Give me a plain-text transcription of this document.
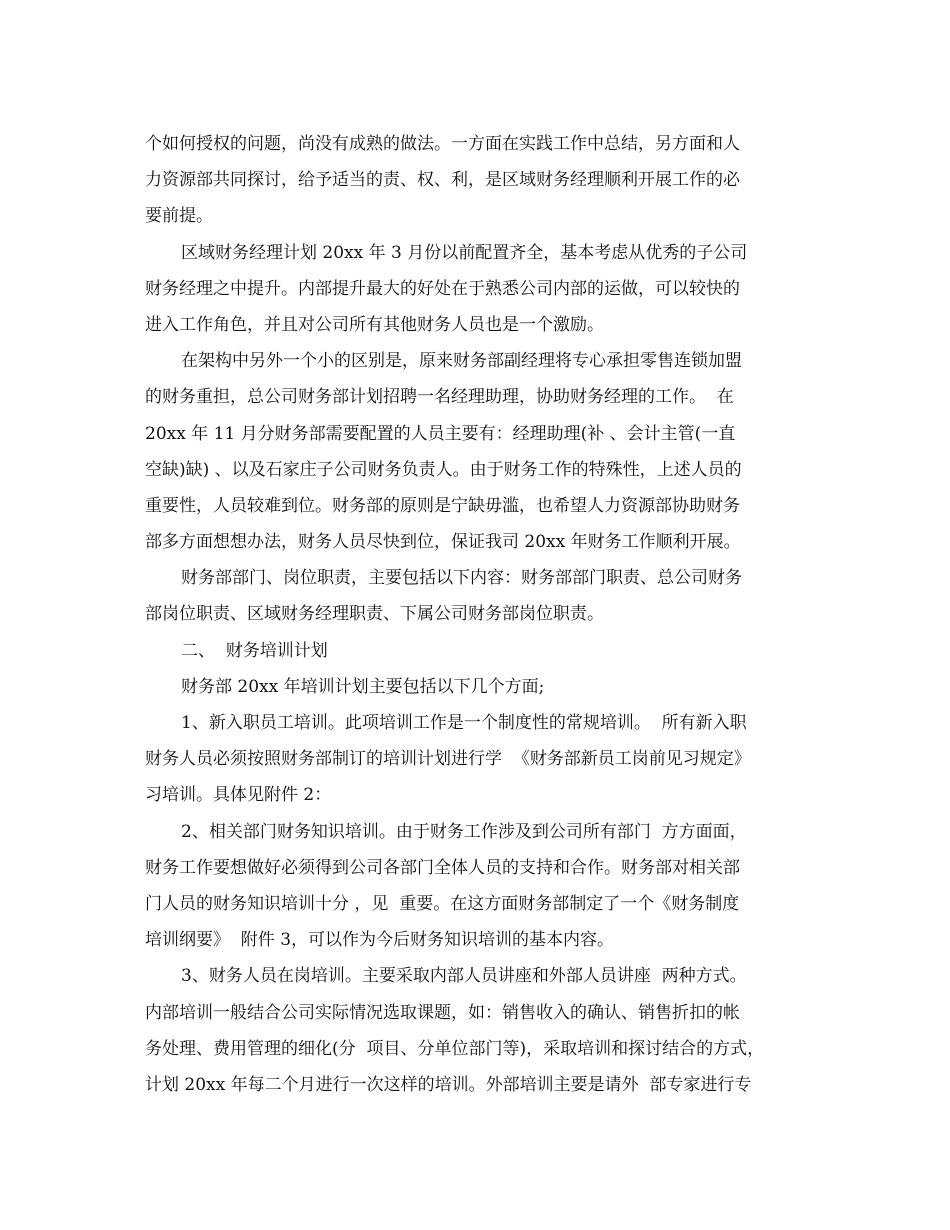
个如何授权的问题，尚没有成熟的做法。一方面在实践工作中总结，另方面和人
力资源部共同探讨，给予适当的责、权、利，是区域财务经理顺利开展工作的必
要前提。
区域财务经理计划 20xx 年 3 月份以前配置齐全，基本考虑从优秀的子公司
财务经理之中提升。内部提升最大的好处在于熟悉公司内部的运做，可以较快的
进入工作角色，并且对公司所有其他财务人员也是一个激励。
在架构中另外一个小的区别是，原来财务部副经理将专心承担零售连锁加盟
的财务重担，总公司财务部计划招聘一名经理助理，协助财务经理的工作。  在
20xx 年 11 月分财务部需要配置的人员主要有：经理助理(补 、会计主管(一直
空缺)缺) 、以及石家庄子公司财务负责人。由于财务工作的特殊性，上述人员的
重要性，人员较难到位。财务部的原则是宁缺毋滥，也希望人力资源部协助财务
部多方面想想办法，财务人员尽快到位，保证我司 20xx 年财务工作顺利开展。
财务部部门、岗位职责，主要包括以下内容：财务部部门职责、总公司财务
部岗位职责、区域财务经理职责、下属公司财务部岗位职责。
二、  财务培训计划
财务部 20xx 年培训计划主要包括以下几个方面;
1、新入职员工培训。此项培训工作是一个制度性的常规培训。  所有新入职
财务人员必须按照财务部制订的培训计划进行学  《财务部新员工岗前见习规定》
习培训。具体见附件 2：
2、相关部门财务知识培训。由于财务工作涉及到公司所有部门  方方面面，
财务工作要想做好必须得到公司各部门全体人员的支持和合作。财务部对相关部
门人员的财务知识培训十分 ，见  重要。在这方面财务部制定了一个《财务制度
培训纲要》  附件 3，可以作为今后财务知识培训的基本内容。
3、财务人员在岗培训。主要采取内部人员讲座和外部人员讲座  两种方式。
内部培训一般结合公司实际情况选取课题，如：销售收入的确认、销售折扣的帐
务处理、费用管理的细化(分  项目、分单位部门等)，采取培训和探讨结合的方式，
计划 20xx 年每二个月进行一次这样的培训。外部培训主要是请外  部专家进行专
